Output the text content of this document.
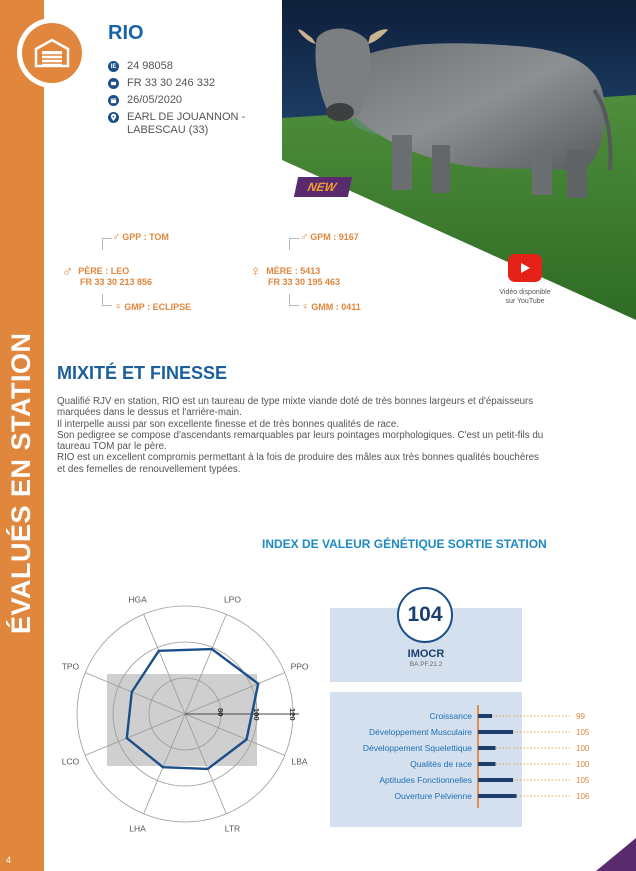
ÉVALUÉS EN STATION
4
RIO
IE 24 98058
FR 33 30 246 332
26/05/2020
EARL DE JOUANNON -
LABESCAU (33)
NEW
Vidéo disponible
sur YouTube
♂ GPP : TOM
♂ PÈRE : LEO
FR 33 30 213 856
♀ GMP : ECLIPSE
♂ GPM : 9167
♀ MÈRE : 5413
FR 33 30 195 463
♀ GMM : 0411
MIXITÉ ET FINESSE
Qualifié RJV en station, RIO est un taureau de type mixte viande doté de très bonnes largeurs et d'épaisseurs
marquées dans le dessus et l'arrière-main.
Il interpelle aussi par son excellente finesse et de très bonnes qualités de race.
Son pedigree se compose d'ascendants remarquables par leurs pointages morphologiques. C'est un petit-fils du
taureau TOM par le père.
RIO est un excellent compromis permettant à la fois de produire des mâles aux très bonnes qualités bouchères
et des femelles de renouvellement typées.
INDEX DE VALEUR GÉNÉTIQUE SORTIE STATION
HGA	LPO
PPO
LBA
LTR
LHA
LCO
TPO
80	100	120
104
IMOCR
BA.PF.21.2
Croissance	99
Développement Musculaire	105
Développement Squelettique	100
Qualités de race	100
Aptitudes Fonctionnelles	105
Ouverture Pelvienne	106
